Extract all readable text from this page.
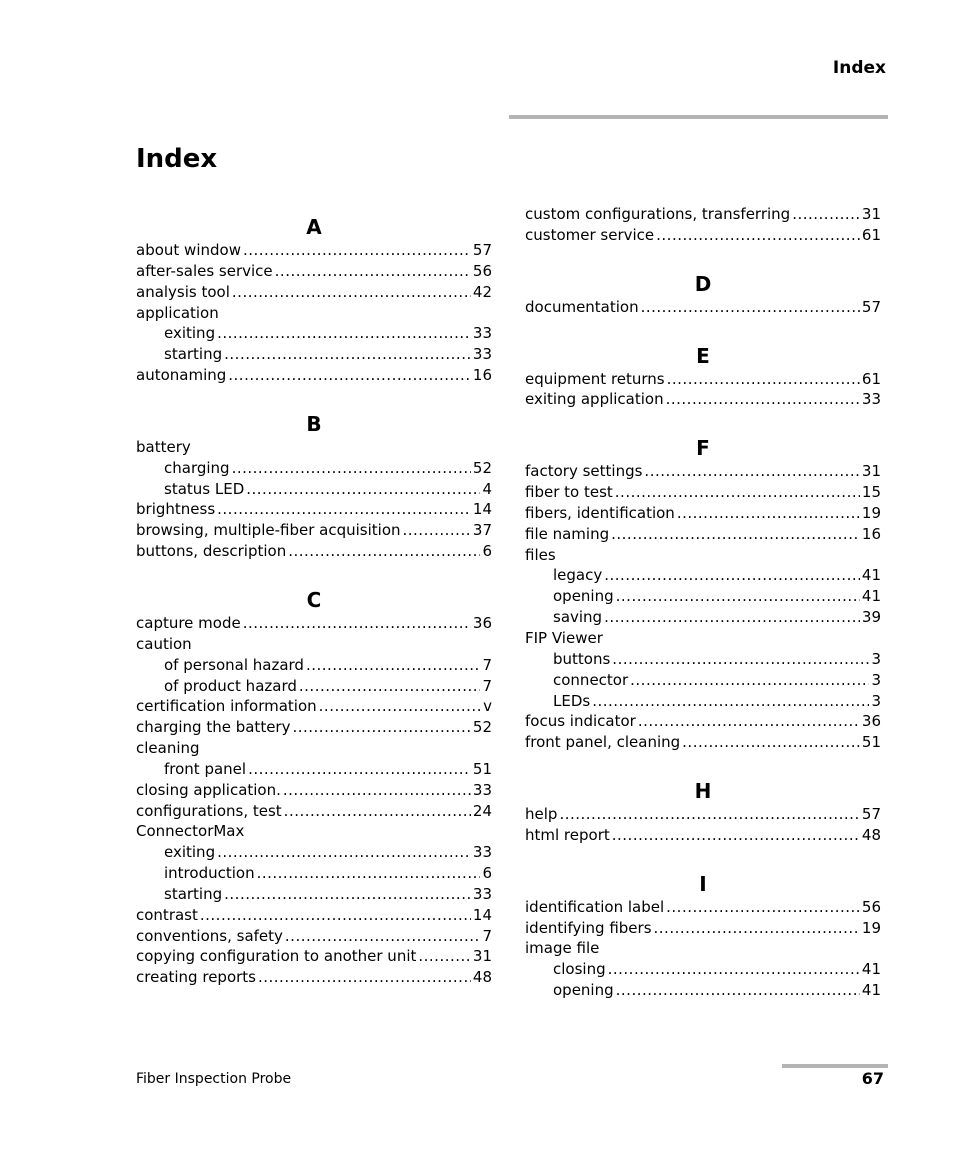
Index
Index
A
about window .....	57
after-sales service .....	56
analysis tool .....	42
application
exiting .....	33
starting .....	33
autonaming .....	16
B
battery
charging .....	52
status LED .....	4
brightness .....	14
browsing, multiple-fiber acquisition .....	37
buttons, description .....	6
C
capture mode .....	36
caution
of personal hazard .....	7
of product hazard .....	7
certification information .....	v
charging the battery .....	52
cleaning
front panel .....	51
closing application. .....	33
configurations, test .....	24
ConnectorMax
exiting .....	33
introduction .....	6
starting .....	33
contrast .....	14
conventions, safety .....	7
copying configuration to another unit .....	31
creating reports .....	48
custom configurations, transferring .....	31
customer service .....	61
D
documentation .....	57
E
equipment returns .....	61
exiting application .....	33
F
factory settings .....	31
fiber to test .....	15
fibers, identification .....	19
file naming .....	16
files
legacy .....	41
opening .....	41
saving .....	39
FIP Viewer
buttons .....	3
connector .....	3
LEDs .....	3
focus indicator .....	36
front panel, cleaning .....	51
H
help .....	57
html report .....	48
I
identification label .....	56
identifying fibers .....	19
image file
closing .....	41
opening .....	41
Fiber Inspection Probe	67
